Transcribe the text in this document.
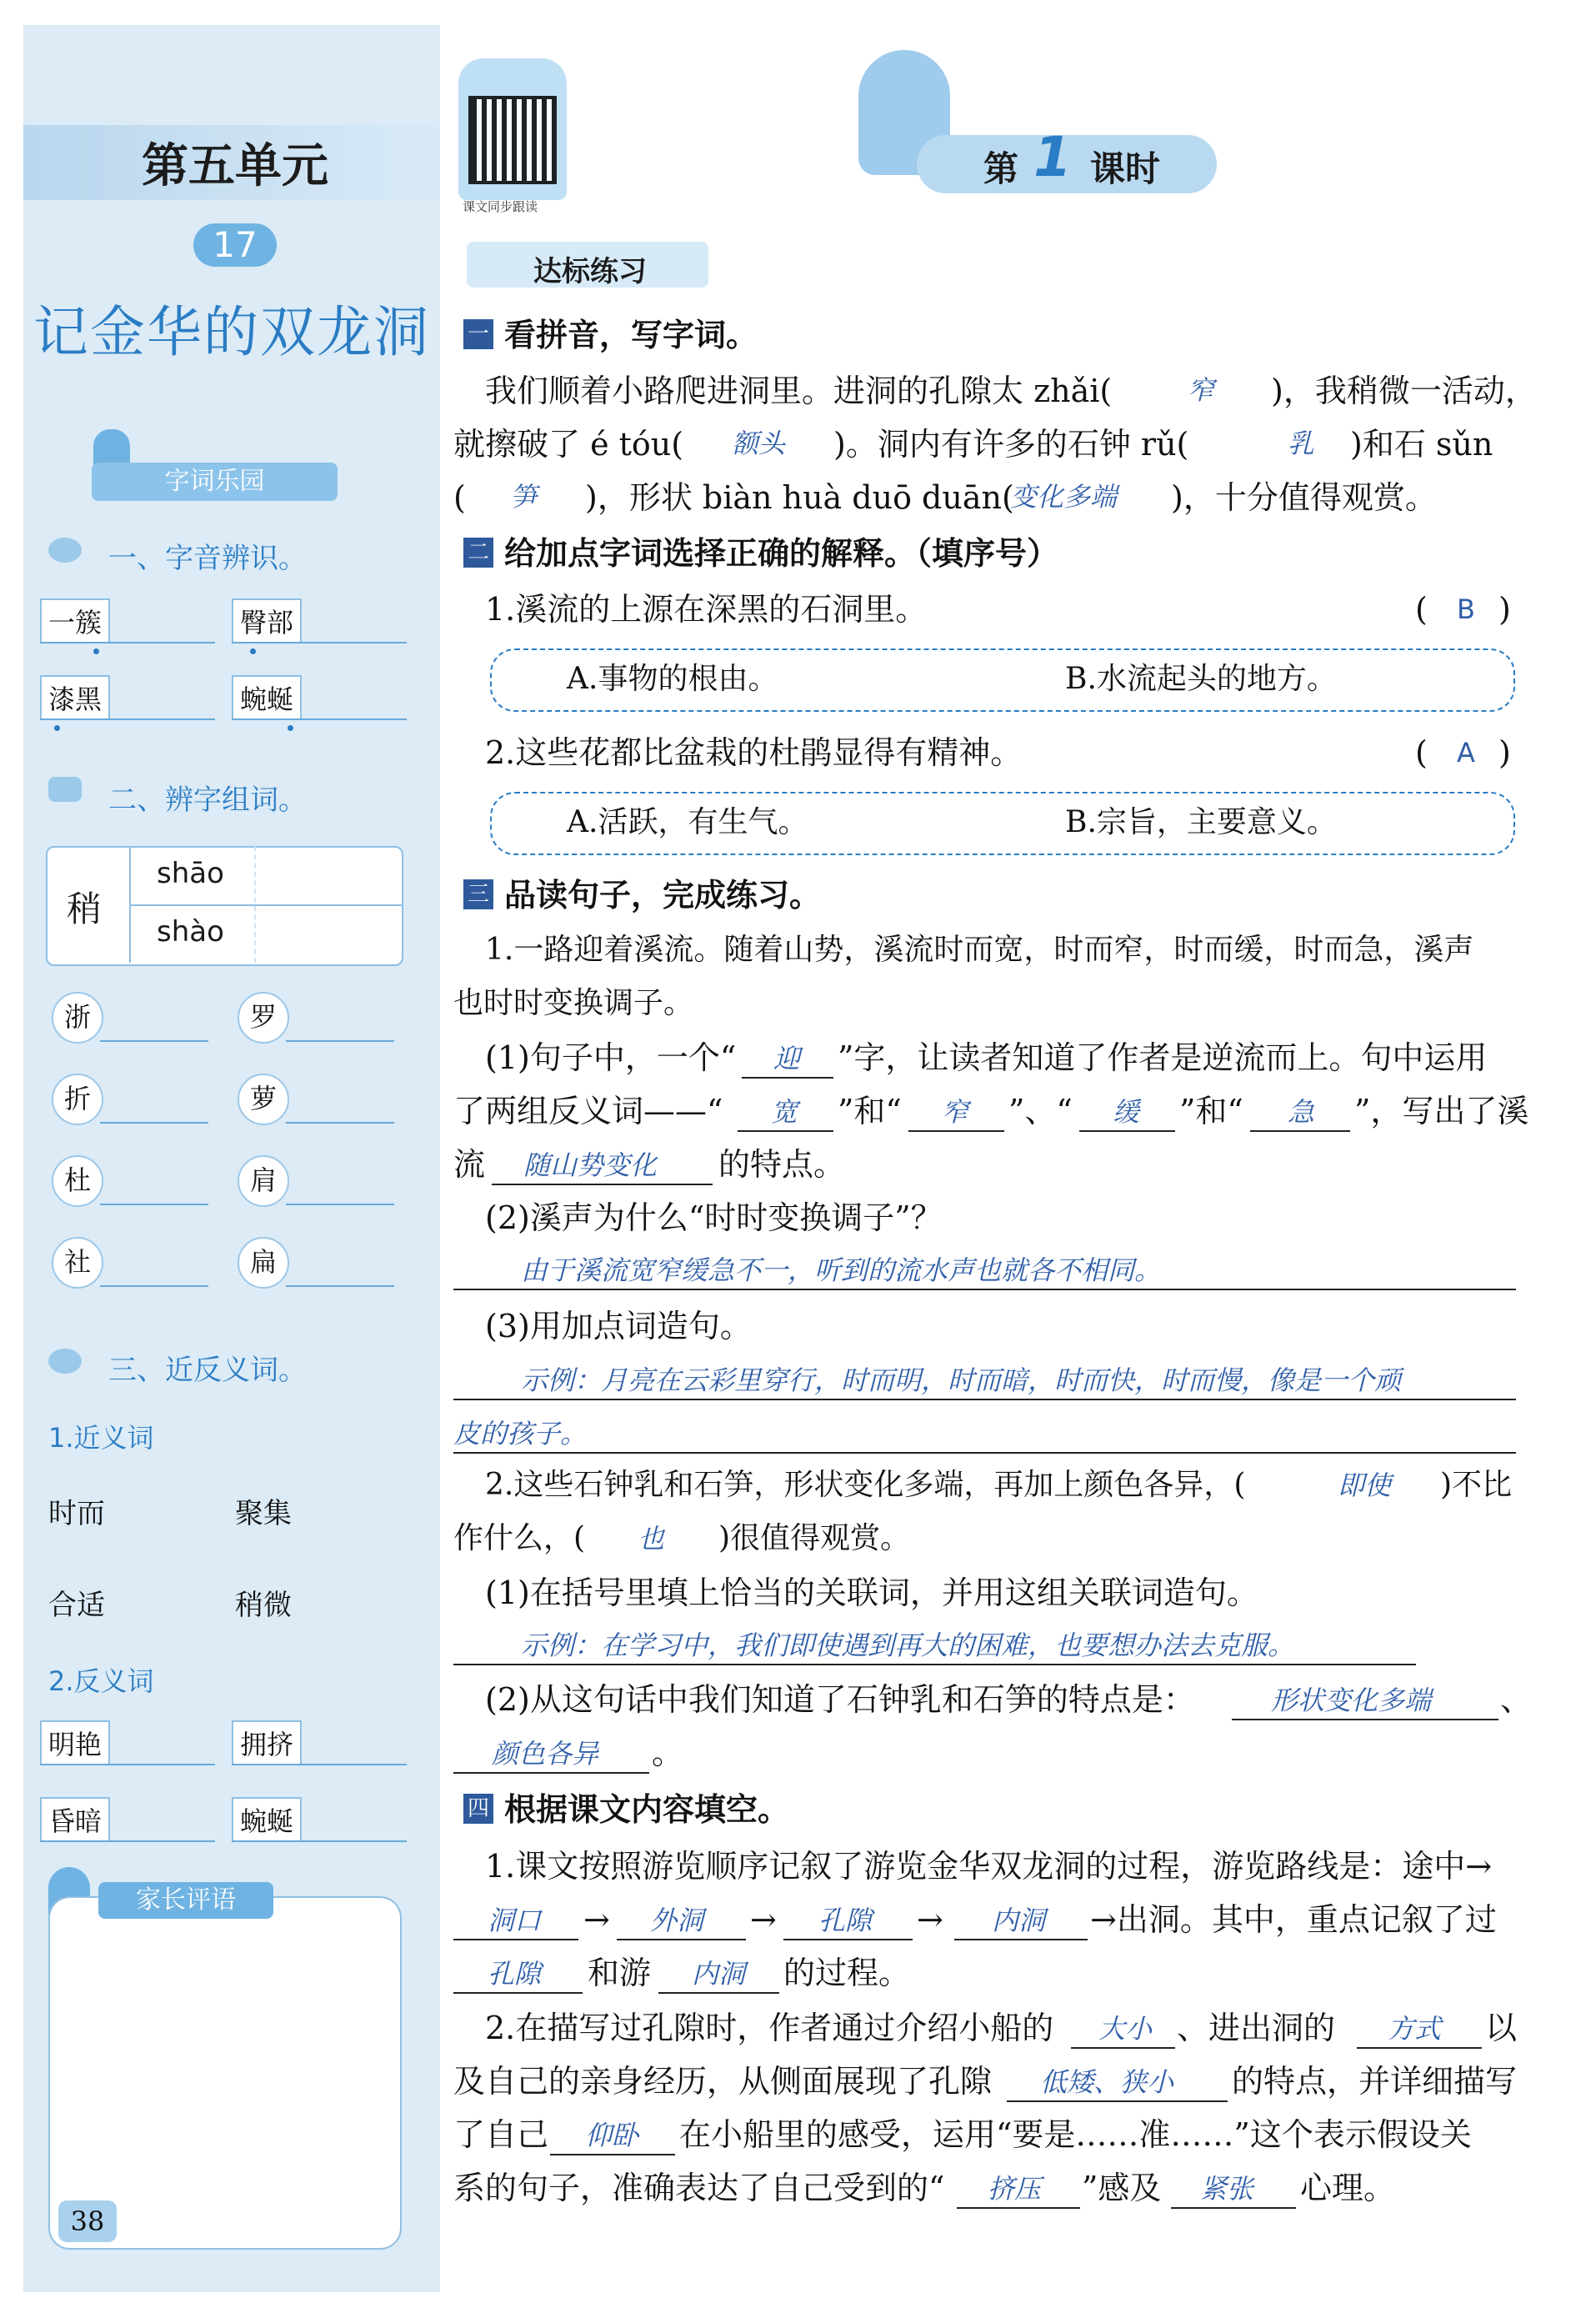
第五单元
17
记金华的双龙洞
课文同步跟读
字词乐园
一、字音辨识。
一簇	臀部
漆黑	蜿蜒
二、辨字组词。
稍
shāo
shào
浙	罗
折	萝
杜	肩
社	扁
三、近反义词。
1.近义词
时而	聚集
合适	稍微
2.反义词
明艳	拥挤
昏暗	蜿蜒
家长评语
38
第 1 课时
达标练习
一 看拼音，写字词。
我们顺着小路爬进洞里。进洞的孔隙太 zhǎi(	窄 )，我稍微一活动，
就擦破了 é tóu( 额头 )。洞内有许多的石钟 rǔ(	乳 )和石 sǔn
( 笋 )，形状 biàn huà duō duān(
变化多端 )，十分值得观赏。
二 给加点字词选择正确的解释。（填序号）
1.溪流的上源在深黑的石洞里。	( B )
A.事物的根由。	B.水流起头的地方。
2.这些花都比盆栽的杜鹃显得有精神。	( A )
A.活跃，有生气。	B.宗旨，主要意义。
三 品读句子，完成练习。
1.一路迎着溪流。随着山势，溪流时而宽，时而窄，时而缓，时而急，溪声
也时时变换调子。
(1)句子中，一个“ 迎 ”字，让读者知道了作者是逆流而上。句中运用
了两组反义词——“ 宽 ”和“ 窄 ”、“ 缓 ”和“ 急 ”，写出了溪
流 随山势变化 的特点。
(2)溪声为什么“时时变换调子”？
由于溪流宽窄缓急不一，听到的流水声也就各不相同。
(3)用加点词造句。
示例：月亮在云彩里穿行，时而明，时而暗，时而快，时而慢，像是一个顽
皮的孩子。
2.这些石钟乳和石笋，形状变化多端，再加上颜色各异，(	即使 )不比
作什么，( 也 )很值得观赏。
(1)在括号里填上恰当的关联词，并用这组关联词造句。
示例：在学习中，我们即使遇到再大的困难，也要想办法去克服。
(2)从这句话中我们知道了石钟乳和石笋的特点是：	形状变化多端 、
颜色各异 。
四 根据课文内容填空。
1.课文按照游览顺序记叙了游览金华双龙洞的过程，游览路线是：途中→
洞口 → 外洞 → 孔隙 → 内洞 →出洞。其中，重点记叙了过
孔隙 和游 内洞 的过程。
2.在描写过孔隙时，作者通过介绍小船的 大小 、进出洞的 方式 以
及自己的亲身经历，从侧面展现了孔隙 低矮、狭小 的特点，并详细描写
了自己 仰卧 在小船里的感受，运用“要是……准……”这个表示假设关
系的句子，准确表达了自己受到的“ 挤压 ”感及 紧张 心理。
